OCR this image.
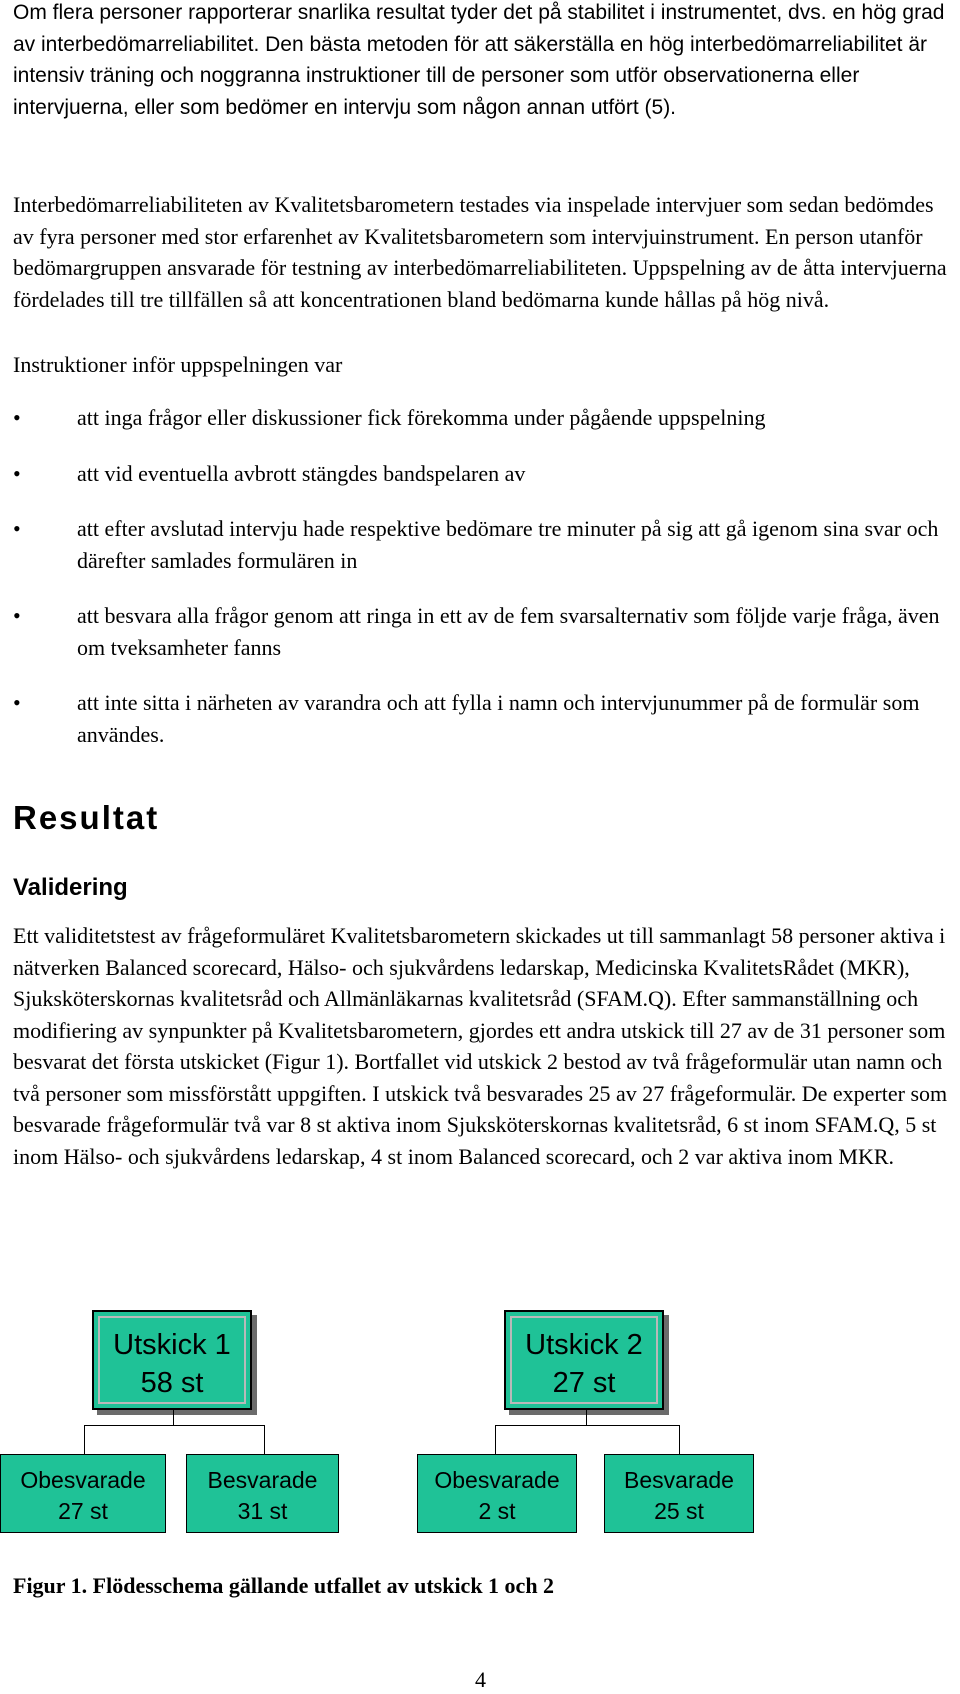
Om flera personer rapporterar snarlika resultat tyder det på stabilitet i instrumentet, dvs. en hög grad av interbedömarreliabilitet. Den bästa metoden för att säkerställa en hög interbedömarreliabilitet är intensiv träning och noggranna instruktioner till de personer som utför observationerna eller intervjuerna, eller som bedömer en intervju som någon annan utfört (5).

Interbedömarreliabiliteten av Kvalitetsbarometern testades via inspelade intervjuer som sedan bedömdes av fyra personer med stor erfarenhet av Kvalitetsbarometern som intervjuinstrument. En person utanför bedömargruppen ansvarade för testning av interbedömarreliabiliteten. Uppspelning av de åtta intervjuerna fördelades till tre tillfällen så att koncentrationen bland bedömarna kunde hållas på hög nivå.

Instruktioner inför uppspelningen var

•	att inga frågor eller diskussioner fick förekomma under pågående uppspelning
•	att vid eventuella avbrott stängdes bandspelaren av
•	att efter avslutad intervju hade respektive bedömare tre minuter på sig att gå igenom sina svar och därefter samlades formulären in
•	att besvara alla frågor genom att ringa in ett av de fem svarsalternativ som följde varje fråga, även om tveksamheter fanns
•	att inte sitta i närheten av varandra och att fylla i namn och intervjunummer på de formulär som användes.
Resultat
Validering

Ett validitetstest av frågeformuläret Kvalitetsbarometern skickades ut till sammanlagt 58 personer aktiva i nätverken Balanced scorecard, Hälso- och sjukvårdens ledarskap, Medicinska KvalitetsRådet (MKR), Sjuksköterskornas kvalitetsråd och Allmänläkarnas kvalitetsråd (SFAM.Q). Efter sammanställning och modifiering av synpunkter på Kvalitetsbarometern, gjordes ett andra utskick till 27 av de 31 personer som besvarat det första utskicket (Figur 1). Bortfallet vid utskick 2 bestod av två frågeformulär utan namn och två personer som missförstått uppgiften. I utskick två besvarades 25 av 27 frågeformulär. De experter som besvarade frågeformulär två var 8 st aktiva inom Sjuksköterskornas kvalitetsråd, 6 st inom SFAM.Q, 5 st inom Hälso- och sjukvårdens ledarskap, 4 st inom Balanced scorecard, och 2 var aktiva inom MKR.

Figur 1. Flödesschema gällande utfallet av utskick 1 och 2

4

Utskick 1
58 st
Obesvarade
27 st
Besvarade
31 st
Utskick 2
27 st
Obesvarade
2 st
Besvarade
25 st
